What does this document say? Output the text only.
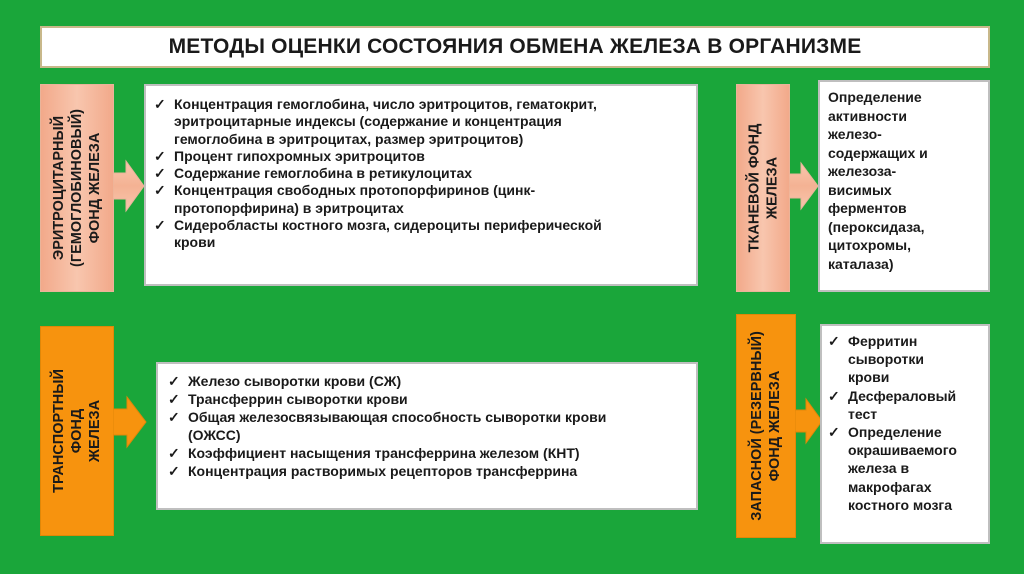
МЕТОДЫ ОЦЕНКИ СОСТОЯНИЯ ОБМЕНА ЖЕЛЕЗА В ОРГАНИЗМЕ
ЭРИТРОЦИТАРНЫЙ (ГЕМОГЛОБИНОВЫЙ) ФОНД ЖЕЛЕЗА
✓ Концентрация гемоглобина, число эритроцитов, гематокрит,
эритроцитарные индексы (содержание и концентрация
гемоглобина в эритроцитах, размер эритроцитов)
✓ Процент гипохромных эритроцитов
✓ Содержание гемоглобина в ретикулоцитах
✓ Концентрация свободных протопорфиринов (цинк-
протопорфирина) в эритроцитах
✓ Сидеробласты костного мозга, сидероциты периферической
крови	ТКАНЕВОЙ ФОНД ЖЕЛЕЗА
Определение
активности
железо-
содержащих и
железоза-
висимых
ферментов
(пероксидаза,
цитохромы,
каталаза)
ТРАНСПОРТНЫЙ ФОНД ЖЕЛЕЗА
✓ Железо сыворотки крови (СЖ)
✓ Трансферрин сыворотки крови
✓ Общая железосвязывающая способность сыворотки крови
(ОЖСС)
✓ Коэффициент насыщения трансферрина железом (КНТ)
✓ Концентрация растворимых рецепторов трансферрина	ЗАПАСНОЙ (РЕЗЕРВНЫЙ) ФОНД ЖЕЛЕЗА
✓ Ферритин
сыворотки
крови
✓ Десфераловый
тест
✓ Определение
окрашиваемого
железа в
макрофагах
костного мозга
